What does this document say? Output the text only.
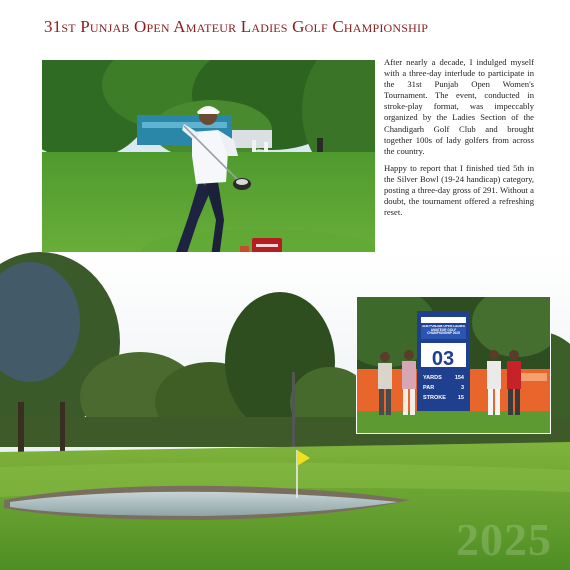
31st Punjab Open Amateur Ladies Golf Championship

After nearly a decade, I indulged myself with a three-day interlude to participate in the 31st Punjab Open Women's Tournament. The event, conducted in stroke-play format, was impeccably organized by the Ladies Section of the Chandigarh Golf Club and brought together 100s of lady golfers from across the country.

Happy to report that I finished tied 5th in the Silver Bowl (19-24 handicap) category, posting a three-day gross of 291. Without a doubt, the tournament offered a refreshing reset.

03
YARDS 154
PAR	3
STROKE 15
31st PUNJAB OPEN LADIES AMATEUR GOLF CHAMPIONSHIP 2025
2025
